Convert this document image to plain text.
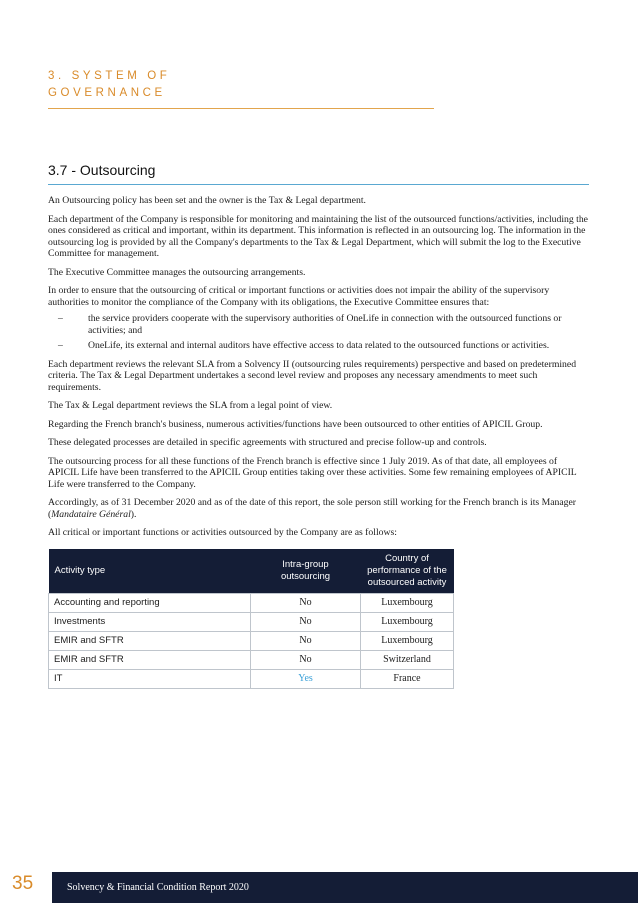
3. SYSTEM OF
GOVERNANCE
3.7 - Outsourcing

An Outsourcing policy has been set and the owner is the Tax & Legal department.

Each department of the Company is responsible for monitoring and maintaining the list of the outsourced functions/activities, including the ones considered as critical and important, within its department. This information is reflected in an outsourcing log. The information in the outsourcing log is provided by all the Company's departments to the Tax & Legal Department, which will submit the log to the Executive Committee for management.

The Executive Committee manages the outsourcing arrangements.

In order to ensure that the outsourcing of critical or important functions or activities does not impair the ability of the supervisory authorities to monitor the compliance of the Company with its obligations, the Executive Committee ensures that:

–	the service providers cooperate with the supervisory authorities of OneLife in connection with the outsourced functions or activities; and
–	OneLife, its external and internal auditors have effective access to data related to the outsourced functions or activities.

Each department reviews the relevant SLA from a Solvency II (outsourcing rules requirements) perspective and based on predetermined criteria. The Tax & Legal Department undertakes a second level review and proposes any necessary amendments to meet such requirements.

The Tax & Legal department reviews the SLA from a legal point of view.

Regarding the French branch's business, numerous activities/functions have been outsourced to other entities of APICIL Group.

These delegated processes are detailed in specific agreements with structured and precise follow-up and controls.

The outsourcing process for all these functions of the French branch is effective since 1 July 2019. As of that date, all employees of APICIL Life have been transferred to the APICIL Group entities taking over these activities. Some few remaining employees of APICIL Life were transferred to the Company.

Accordingly, as of 31 December 2020 and as of the date of this report, the sole person still working for the French branch is its Manager (Mandataire Général).

All critical or important functions or activities outsourced by the Company are as follows:

Activity type	Intra-group outsourcing	Country of performance of the outsourced activity
Accounting and reporting	No	Luxembourg
Investments	No	Luxembourg
EMIR and SFTR	No	Luxembourg
EMIR and SFTR	No	Switzerland
IT	Yes	France
35	Solvency & Financial Condition Report 2020
